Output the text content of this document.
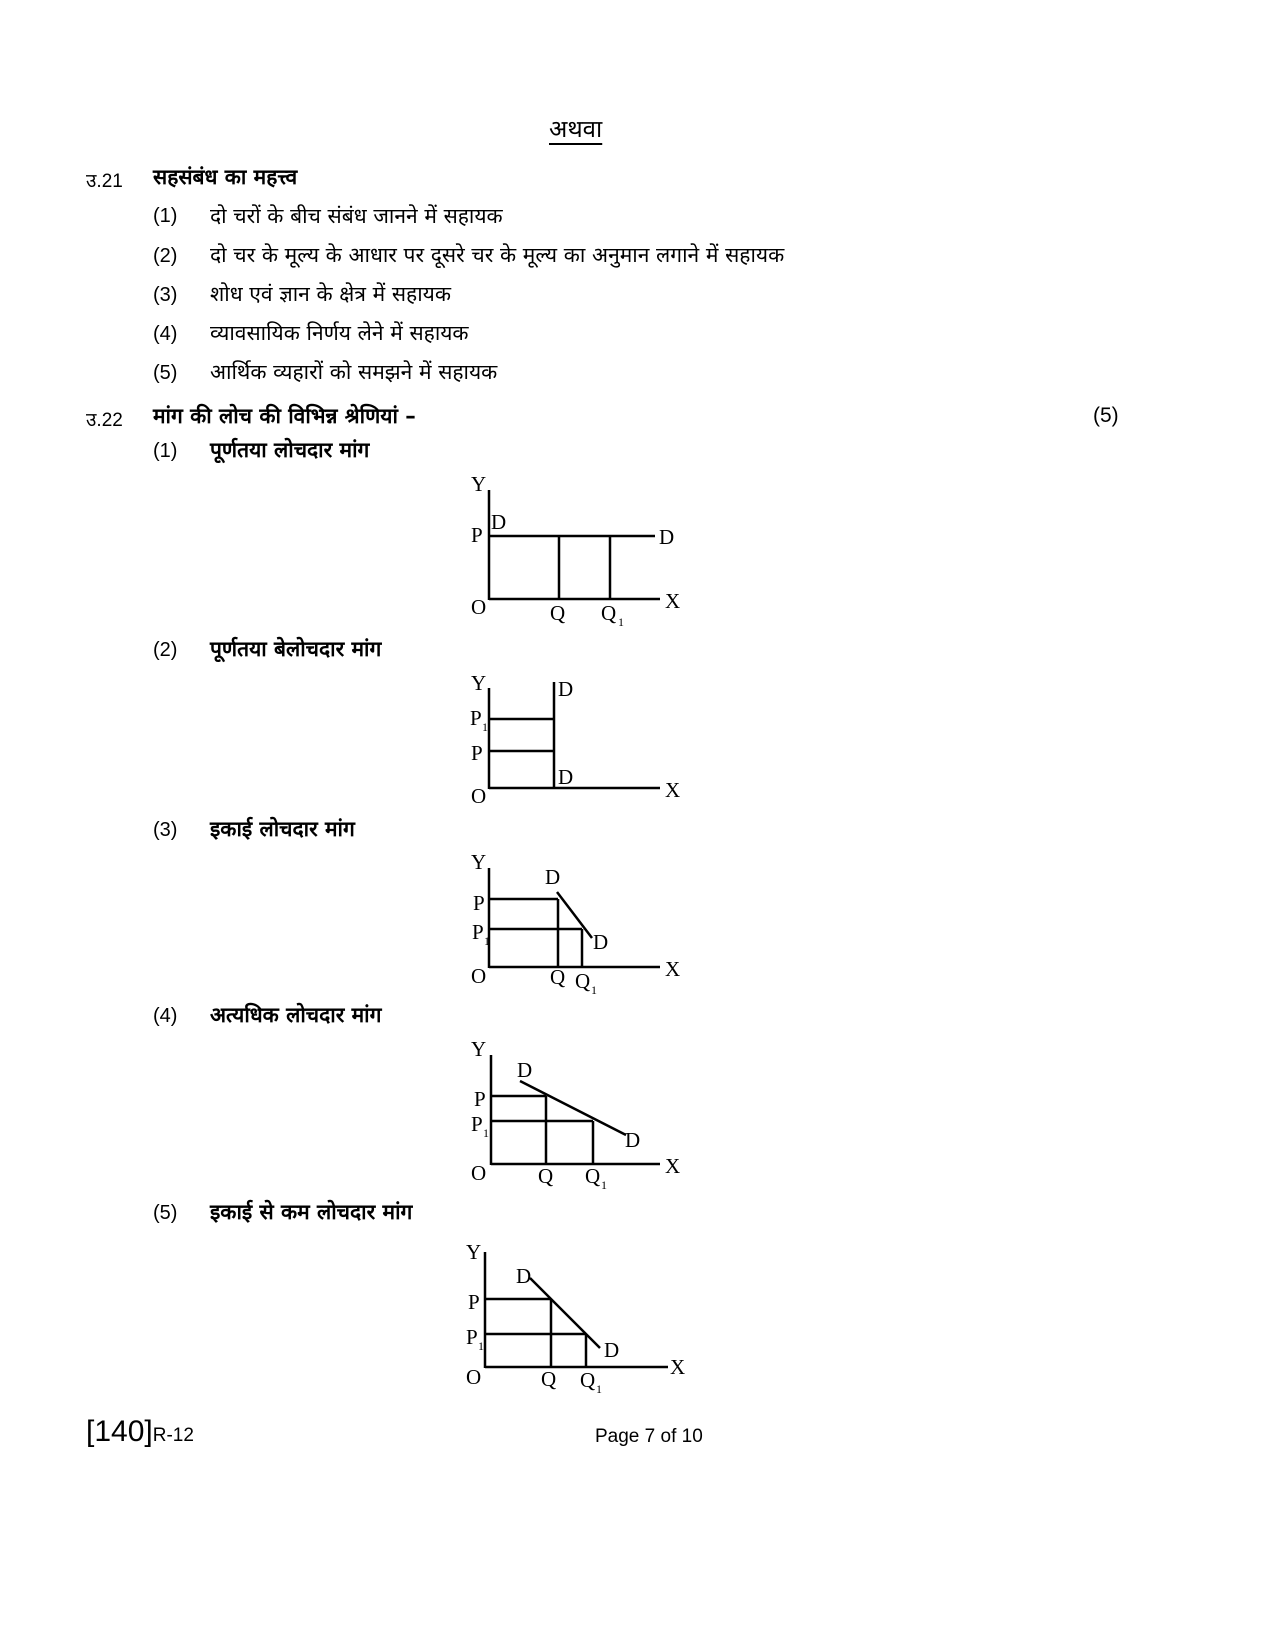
अथवा
उ.21 सहसंबंध का महत्त्व
(1) दो चरों के बीच संबंध जानने में सहायक
(2) दो चर के मूल्य के आधार पर दूसरे चर के मूल्य का अनुमान लगाने में सहायक
(3) शोध एवं ज्ञान के क्षेत्र में सहायक
(4) व्यावसायिक निर्णय लेने में सहायक
(5) आर्थिक व्यहारों को समझने में सहायक
उ.22 मांग की लोच की विभिन्न श्रेणियां –	(5)
(1) पूर्णतया लोचदार मांग
Y
P
D
D
O	Q Q 1
X
(2) पूर्णतया बेलोचदार मांग
Y	D
P 1
P
D
O	X
(3) इकाई लोचदार मांग
Y
D
P
P 1	D
O	Q Q 1
X
(4) अत्यधिक लोचदार मांग
Y
D
P
P 1	D
O Q Q 1
X
(5) इकाई से कम लोचदार मांग
Y
D
P
P 1	D
O	Q Q 1
X
[140]R-12	Page 7 of 10
